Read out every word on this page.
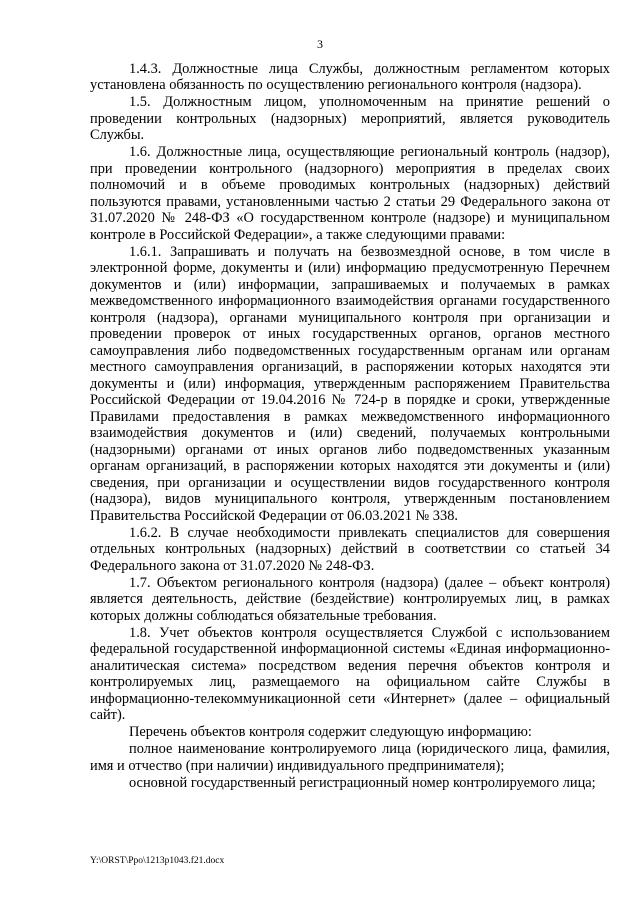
3

1.4.3. Должностные лица Службы, должностным регламентом которых установлена обязанность по осуществлению регионального контроля (надзора).

1.5. Должностным лицом, уполномоченным на принятие решений о проведении контрольных (надзорных) мероприятий, является руководитель Службы.

1.6. Должностные лица, осуществляющие региональный контроль (надзор), при проведении контрольного (надзорного) мероприятия в пределах своих полномочий и в объеме проводимых контрольных (надзорных) действий пользуются правами, установленными частью 2 статьи 29 Федерального закона от 31.07.2020 № 248-ФЗ «О государственном контроле (надзоре) и муниципальном контроле в Российской Федерации», а также следующими правами:

1.6.1. Запрашивать и получать на безвозмездной основе, в том числе в электронной форме, документы и (или) информацию предусмотренную Перечнем документов и (или) информации, запрашиваемых и получаемых в рамках межведомственного информационного взаимодействия органами государственного контроля (надзора), органами муниципального контроля при организации и проведении проверок от иных государственных органов, органов местного самоуправления либо подведомственных государственным органам или органам местного самоуправления организаций, в распоряжении которых находятся эти документы и (или) информация, утвержденным распоряжением Правительства Российской Федерации от 19.04.2016 № 724-р в порядке и сроки, утвержденные Правилами предоставления в рамках межведомственного информационного взаимодействия документов и (или) сведений, получаемых контрольными (надзорными) органами от иных органов либо подведомственных указанным органам организаций, в распоряжении которых находятся эти документы и (или) сведения, при организации и осуществлении видов государственного контроля (надзора), видов муниципального контроля, утвержденным постановлением Правительства Российской Федерации от 06.03.2021 № 338.

1.6.2. В случае необходимости привлекать специалистов для совершения отдельных контрольных (надзорных) действий в соответствии со статьей 34 Федерального закона от 31.07.2020 № 248-ФЗ.

1.7. Объектом регионального контроля (надзора) (далее – объект контроля) является деятельность, действие (бездействие) контролируемых лиц, в рамках которых должны соблюдаться обязательные требования.

1.8. Учет объектов контроля осуществляется Службой с использованием федеральной государственной информационной системы «Единая информационно-аналитическая система» посредством ведения перечня объектов контроля и контролируемых лиц, размещаемого на официальном сайте Службы в информационно-телекоммуникационной сети «Интернет» (далее – официальный сайт).

Перечень объектов контроля содержит следующую информацию:

полное наименование контролируемого лица (юридического лица, фамилия, имя и отчество (при наличии) индивидуального предпринимателя);

основной государственный регистрационный номер контролируемого лица;

Y:\ORST\Ppo\1213p1043.f21.docx
